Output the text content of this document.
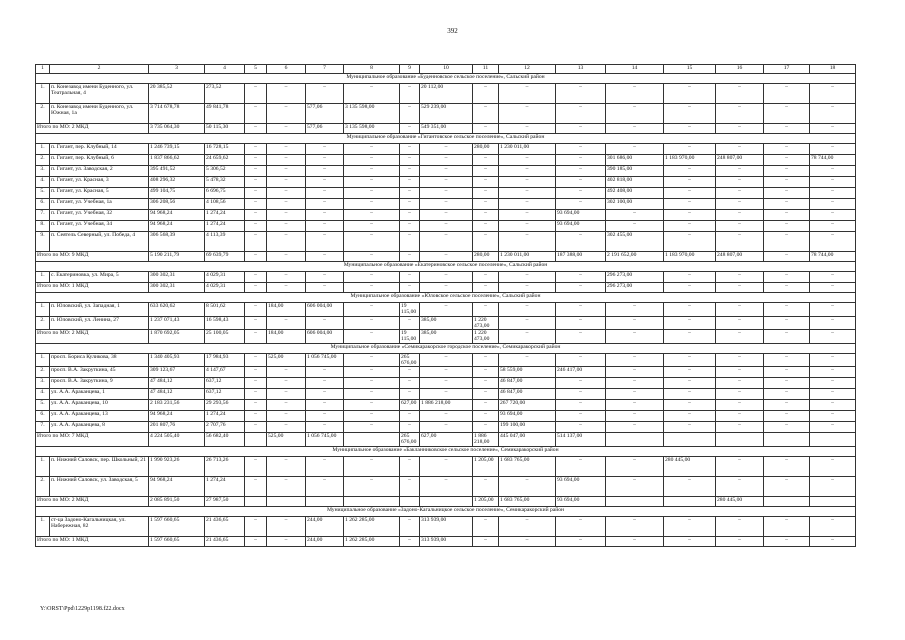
392
1	2	3	4	5	6	7	8	9	10	11	12	13	14	15	16	17	18
Муниципальное образование «Буденновское сельское поселение», Сальский район																	
1.	п. Конезавод имени Буденного, ул. Театральная, 4	20 385,52	273,52	–	–	–	–	–	20 112,00	–	–	–	–	–	–	–	–
2.	п. Конезавод имени Буденного, ул. Южная, 1а	3 714 678,78	49 841,78	–	–	577,06	3 135 598,00	–	529 239,00	–	–	–	–	–	–	–	–
Итого по МО: 2 МКД		3 735 064,30	50 115,30	–	–	577,06	3 135 598,00	–	549 351,00	–	–	–	–	–	–	–	–
Муниципальное образование «Гигантовское сельское поселение», Сальский район																	
1.	п. Гигант, пер. Клубный, 14	1 246 739,15	16 728,15	–	–	–	–	–	–	280,00	1 230 011,00	–	–	–	–	–	–
2.	п. Гигант, пер. Клубный, 6	1 837 866,62	24 659,62	–	–	–	–	–	–	–	–	–	301 686,00	1 183 970,00	248 807,00	–	78 744,00
3.	п. Гигант, ул. Заводская, 2	395 491,52	5 306,52	–	–	–	–	–	–	–	–	–	390 185,00	–	–	–	–
4.	п. Гигант, ул. Красная, 3	408 296,32	5 478,32	–	–	–	–	–	–	–	–	–	402 818,00	–	–	–	–
5.	п. Гигант, ул. Красная, 5	499 104,75	6 696,75	–	–	–	–	–	–	–	–	–	492 408,00	–	–	–	–
6.	п. Гигант, ул. Учебная, 1а	306 208,56	4 108,56	–	–	–	–	–	–	–	–	–	302 100,00	–	–	–	–
7.	п. Гигант, ул. Учебная, 32	94 968,24	1 274,24	–	–	–	–	–	–	–	–	93 694,00	–	–	–	–	–
8.	п. Гигант, ул. Учебная, 34	94 968,24	1 274,24	–	–	–	–	–	–	–	–	93 694,00	–	–	–	–	–
9.	п. Сеятель Северный, ул. Победа, 4	306 568,39	4 113,39	–	–	–	–	–	–	–	–	–	302 455,00	–	–	–	–
Итого по МО: 9 МКД		5 190 211,79	69 639,79	–	–	–	–	–	–	280,00	1 230 011,00	187 388,00	2 191 652,00	1 183 970,00	248 807,00	–	78 744,00
Муниципальное образование «Екатериновское сельское поселение», Сальский район																	
1.	с. Екатериновка, ул. Мира, 5	300 302,31	4 029,31	–	–	–	–	–	–	–	–	–	296 273,00	–	–	–	–
Итого по МО: 1 МКД		300 302,31	4 029,31	–	–	–	–	–	–	–	–	–	296 273,00	–	–	–	–
Муниципальное образование «Юловское сельское поселение», Сальский район																	
1.	п. Юловский, ул. Западная, 1	633 620,62	8 501,62	–	184,00	606 004,00	–	19 115,00	–	–	–	–	–	–	–	–	–
2.	п. Юловский, ул. Ленина, 27	1 237 071,43	16 598,43	–	–	–	–	–	385,00	1 220 473,00	–	–	–	–	–	–	–
Итого по МО: 2 МКД		1 870 692,05	25 100,05	–	184,00	606 004,00	–	19 115,00	385,00	1 220 473,00	–	–	–	–	–	–	–
Муниципальное образование «Семикаракорское городское поселение», Семикаракорский район																	
1.	просп. Бориса Куликова, 38	1 340 405,93	17 984,93	–	525,00	1 056 745,00	–	265 676,00	–	–	–	–	–	–	–	–	–
2.	просп. В.А. Закруткина, 45	309 123,67	4 147,67	–	–	–	–	–	–	–	58 559,00	246 417,00	–	–	–	–	–
3.	просп. В.А. Закруткина, 9	47 484,12	637,12	–	–	–	–	–	–	–	46 847,00	–	–	–	–	–	–
4.	ул. А.А. Араканцева, 1	47 484,12	637,12	–	–	–	–	–	–	–	46 847,00	–	–	–	–	–	–
5.	ул. А.А. Араканцева, 10	2 183 231,56	29 293,56	–	–	–	–	627,00	1 886 218,00	–	267 720,00	–	–	–	–	–	–
6.	ул. А.А. Араканцева, 13	94 968,24	1 274,24	–	–	–	–	–	–	–	93 694,00	–	–	–	–	–	–
7.	ул. А.А. Араканцева, 8	201 807,76	2 707,76	–	–	–	–	–	–	–	199 100,00	–	–	–	–	–	–
Итого по МО: 7 МКД		4 224 505,40	56 682,40		525,00	1 056 745,00		265 676,00	627,00	1 886 218,00	445 047,00	514 137,00					
Муниципальное образование «Бакланниковское сельское поселение», Семикаракорский район																	
1.	п. Нижний Саловск, пер. Школьный, 21	1 990 923,26	26 713,26	–	–	–	–	–	–	1 205,00	1 683 765,00	–	–	280 445,00	–	–	–
2.	п. Нижний Саловск, ул. Заводская, 5	94 968,24	1 274,24	–	–	–	–	–	–	–	–	93 694,00	–	–	–	–	–
Итого по МО: 2 МКД		2 085 891,50	27 987,50							1 205,00	1 683 765,00	93 694,00			280 445,00		
Муниципальное образование «Задоно-Кагальницкое сельское поселение», Семикаракорский район																	
1.	ст-ца Задоно-Кагальницкая, ул. Набережная, 82	1 597 660,65	21 436,65	–	–	244,00	1 262 285,00	–	313 939,00	–	–	–	–	–	–	–	–
Итого по МО: 1 МКД		1 597 660,65	21 436,65	–	–	244,00	1 262 285,00	–	313 939,00	–	–	–	–	–	–	–	–
Y:\ORST\Ppd\1229p1198.f22.docx
